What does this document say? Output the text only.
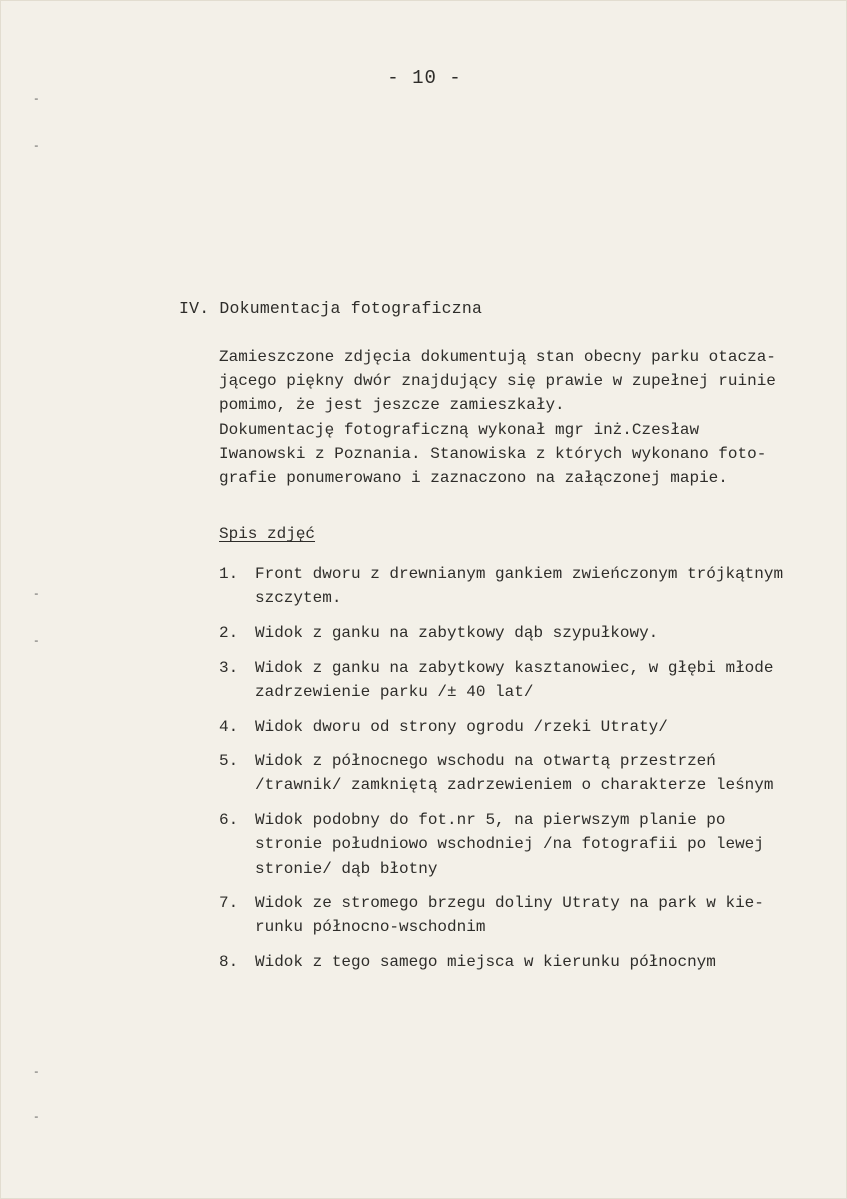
- 10 -
-
-
-
-
-
-
IV. Dokumentacja fotograficzna
Zamieszczone zdjęcia dokumentują stan obecny parku otacza-
jącego piękny dwór znajdujący się prawie w zupełnej ruinie
pomimo, że jest jeszcze zamieszkały.
Dokumentację fotograficzną wykonał mgr inż.Czesław
Iwanowski z Poznania. Stanowiska z których wykonano foto-
grafie ponumerowano i zaznaczono na załączonej mapie.
Spis zdjęć
1. Front dworu z drewnianym gankiem zwieńczonym trójkątnym
szczytem.
2. Widok z ganku na zabytkowy dąb szypułkowy.
3. Widok z ganku na zabytkowy kasztanowiec, w głębi młode
zadrzewienie parku /± 40 lat/
4. Widok dworu od strony ogrodu /rzeki Utraty/
5. Widok z północnego wschodu na otwartą przestrzeń
/trawnik/ zamkniętą zadrzewieniem o charakterze leśnym
6. Widok podobny do fot.nr 5, na pierwszym planie po
stronie południowo wschodniej /na fotografii po lewej
stronie/ dąb błotny
7. Widok ze stromego brzegu doliny Utraty na park w kie-
runku północno-wschodnim
8. Widok z tego samego miejsca w kierunku północnym
